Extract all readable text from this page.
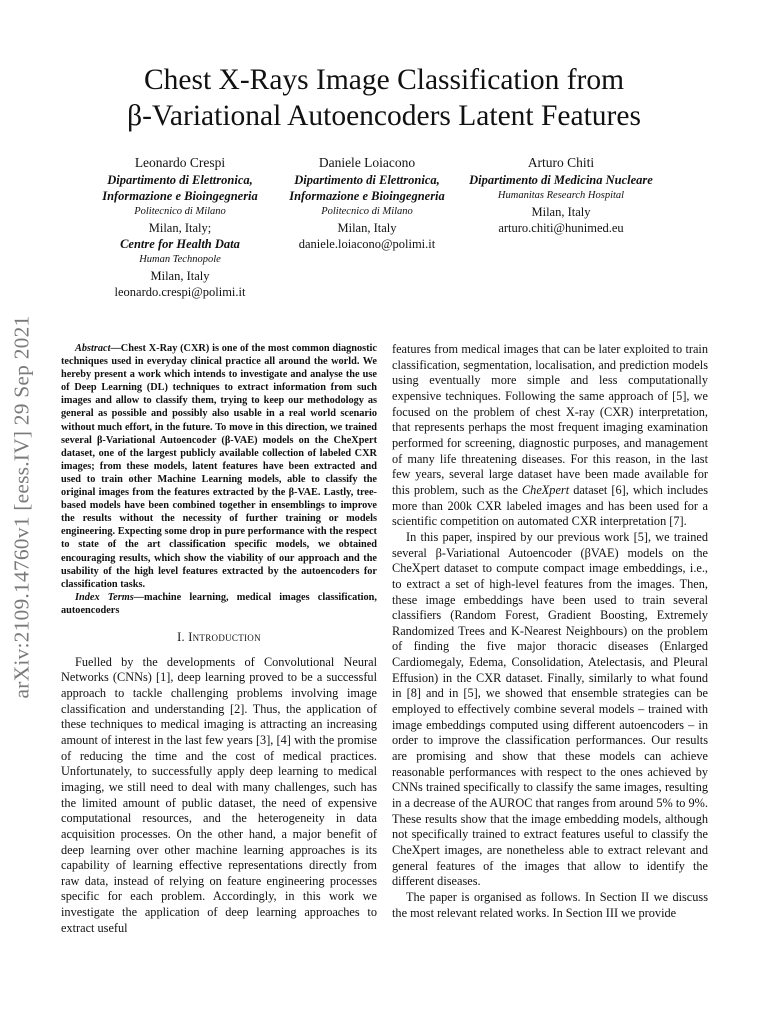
arXiv:2109.14760v1 [eess.IV] 29 Sep 2021
Chest X-Rays Image Classification from
β-Variational Autoencoders Latent Features
Leonardo Crespi
Dipartimento di Elettronica,
Informazione e Bioingegneria
Politecnico di Milano
Milan, Italy;
Centre for Health Data
Human Technopole
Milan, Italy
leonardo.crespi@polimi.it
Daniele Loiacono
Dipartimento di Elettronica,
Informazione e Bioingegneria
Politecnico di Milano
Milan, Italy
daniele.loiacono@polimi.it
Arturo Chiti
Dipartimento di Medicina Nucleare
Humanitas Research Hospital
Milan, Italy
arturo.chiti@hunimed.eu

Abstract—Chest X-Ray (CXR) is one of the most common diagnostic techniques used in everyday clinical practice all around the world. We hereby present a work which intends to investigate and analyse the use of Deep Learning (DL) techniques to extract information from such images and allow to classify them, trying to keep our methodology as general as possible and possibly also usable in a real world scenario without much effort, in the future. To move in this direction, we trained several β-Variational Autoencoder (β-VAE) models on the CheXpert dataset, one of the largest publicly available collection of labeled CXR images; from these models, latent features have been extracted and used to train other Machine Learning models, able to classify the original images from the features extracted by the β-VAE. Lastly, tree-based models have been combined together in ensemblings to improve the results without the necessity of further training or models engineering. Expecting some drop in pure performance with the respect to state of the art classification specific models, we obtained encouraging results, which show the viability of our approach and the usability of the high level features extracted by the autoencoders for classification tasks.

Index Terms—machine learning, medical images classification, autoencoders

I. Introduction

Fuelled by the developments of Convolutional Neural Networks (CNNs) [1], deep learning proved to be a successful approach to tackle challenging problems involving image classification and understanding [2]. Thus, the application of these techniques to medical imaging is attracting an increasing amount of interest in the last few years [3], [4] with the promise of reducing the time and the cost of medical practices. Unfortunately, to successfully apply deep learning to medical imaging, we still need to deal with many challenges, such has the limited amount of public dataset, the need of expensive computational resources, and the heterogeneity in data acquisition processes. On the other hand, a major benefit of deep learning over other machine learning approaches is its capability of learning effective representations directly from raw data, instead of relying on feature engineering processes specific for each problem. Accordingly, in this work we investigate the application of deep learning approaches to extract useful

features from medical images that can be later exploited to train classification, segmentation, localisation, and prediction models using eventually more simple and less computationally expensive techniques. Following the same approach of [5], we focused on the problem of chest X-ray (CXR) interpretation, that represents perhaps the most frequent imaging examination performed for screening, diagnostic purposes, and management of many life threatening diseases. For this reason, in the last few years, several large dataset have been made available for this problem, such as the CheXpert dataset [6], which includes more than 200k CXR labeled images and has been used for a scientific competition on automated CXR interpretation [7].

In this paper, inspired by our previous work [5], we trained several β-Variational Autoencoder (βVAE) models on the CheXpert dataset to compute compact image embeddings, i.e., to extract a set of high-level features from the images. Then, these image embeddings have been used to train several classifiers (Random Forest, Gradient Boosting, Extremely Randomized Trees and K-Nearest Neighbours) on the problem of finding the five major thoracic diseases (Enlarged Cardiomegaly, Edema, Consolidation, Atelectasis, and Pleural Effusion) in the CXR dataset. Finally, similarly to what found in [8] and in [5], we showed that ensemble strategies can be employed to effectively combine several models – trained with image embeddings computed using different autoencoders – in order to improve the classification performances. Our results are promising and show that these models can achieve reasonable performances with respect to the ones achieved by CNNs trained specifically to classify the same images, resulting in a decrease of the AUROC that ranges from around 5% to 9%. These results show that the image embedding models, although not specifically trained to extract features useful to classify the CheXpert images, are nonetheless able to extract relevant and general features of the images that allow to identify the different diseases.

The paper is organised as follows. In Section II we discuss the most relevant related works. In Section III we provide
